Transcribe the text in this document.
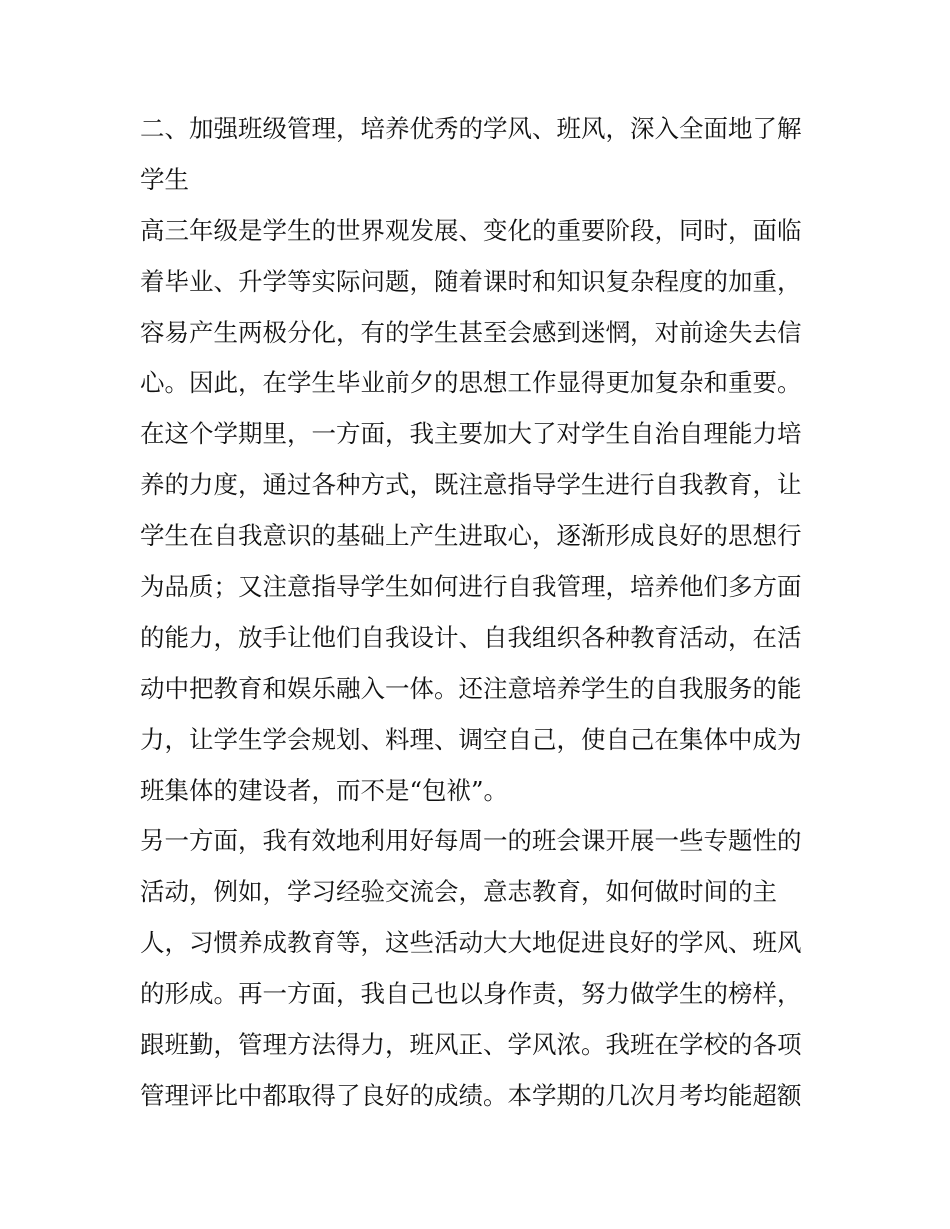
二、加强班级管理，培养优秀的学风、班风，深入全面地了解
学生
高三年级是学生的世界观发展、变化的重要阶段，同时，面临
着毕业、升学等实际问题，随着课时和知识复杂程度的加重，
容易产生两极分化，有的学生甚至会感到迷惘，对前途失去信
心。因此，在学生毕业前夕的思想工作显得更加复杂和重要。
在这个学期里，一方面，我主要加大了对学生自治自理能力培
养的力度，通过各种方式，既注意指导学生进行自我教育，让
学生在自我意识的基础上产生进取心，逐渐形成良好的思想行
为品质；又注意指导学生如何进行自我管理，培养他们多方面
的能力，放手让他们自我设计、自我组织各种教育活动，在活
动中把教育和娱乐融入一体。还注意培养学生的自我服务的能
力，让学生学会规划、料理、调空自己，使自己在集体中成为
班集体的建设者，而不是“包袱”。
另一方面，我有效地利用好每周一的班会课开展一些专题性的
活动，例如，学习经验交流会，意志教育，如何做时间的主
人，习惯养成教育等，这些活动大大地促进良好的学风、班风
的形成。再一方面，我自己也以身作责，努力做学生的榜样，
跟班勤，管理方法得力，班风正、学风浓。我班在学校的各项
管理评比中都取得了良好的成绩。本学期的几次月考均能超额
